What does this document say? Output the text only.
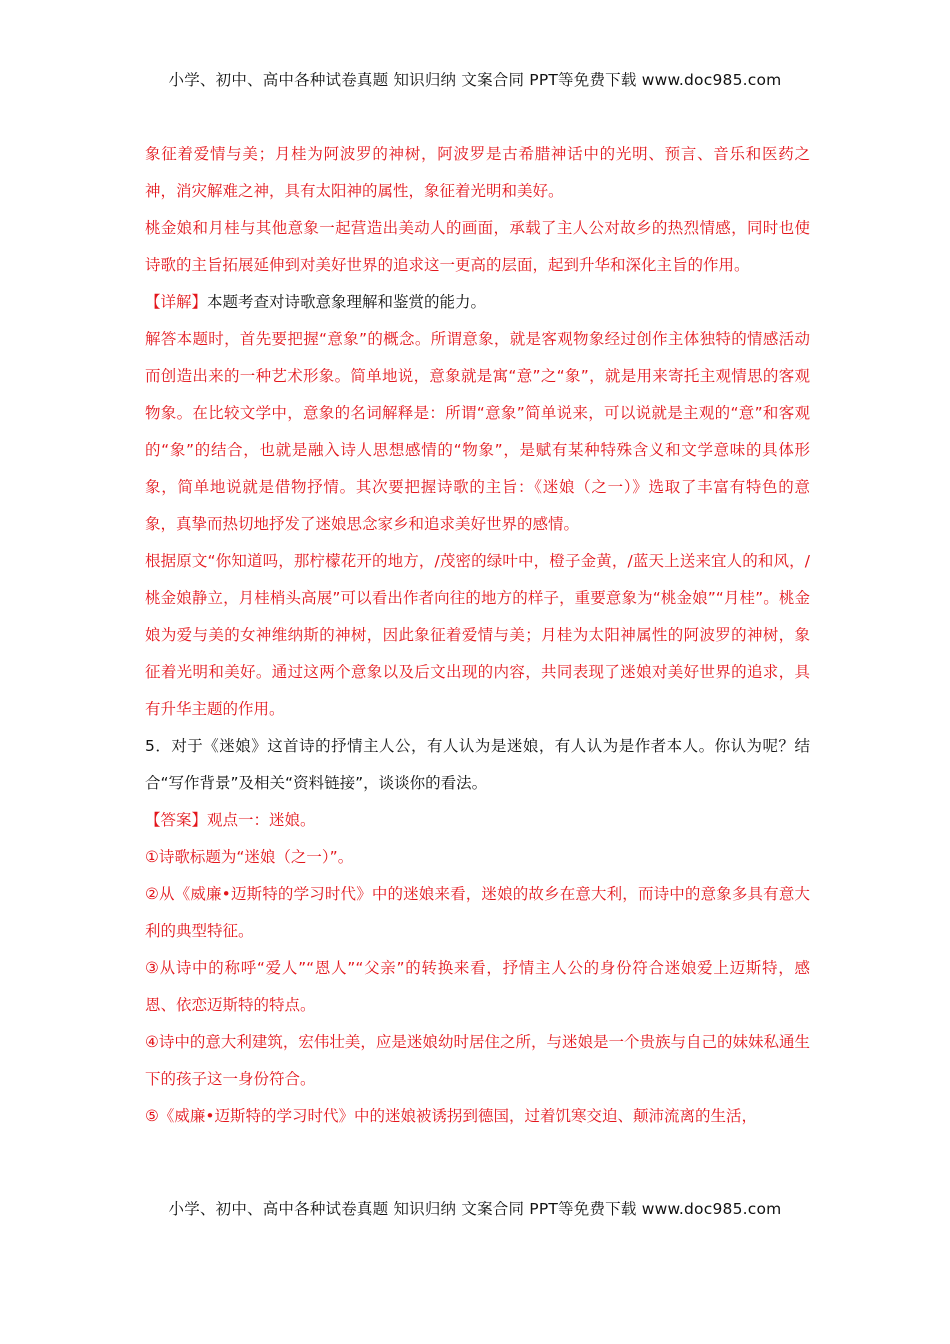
小学、初中、高中各种试卷真题 知识归纳 文案合同 PPT等免费下载 www.doc985.com

象征着爱情与美；月桂为阿波罗的神树，阿波罗是古希腊神话中的光明、预言、音乐和医药之神，消灾解难之神，具有太阳神的属性，象征着光明和美好。

桃金娘和月桂与其他意象一起营造出美动人的画面，承载了主人公对故乡的热烈情感，同时也使诗歌的主旨拓展延伸到对美好世界的追求这一更高的层面，起到升华和深化主旨的作用。

【详解】本题考查对诗歌意象理解和鉴赏的能力。

解答本题时，首先要把握“意象”的概念。所谓意象，就是客观物象经过创作主体独特的情感活动而创造出来的一种艺术形象。简单地说，意象就是寓“意”之“象”，就是用来寄托主观情思的客观物象。在比较文学中，意象的名词解释是：所谓“意象”简单说来，可以说就是主观的“意”和客观的“象”的结合，也就是融入诗人思想感情的“物象”，是赋有某种特殊含义和文学意味的具体形象，简单地说就是借物抒情。其次要把握诗歌的主旨：《迷娘（之一）》选取了丰富有特色的意象，真挚而热切地抒发了迷娘思念家乡和追求美好世界的感情。

根据原文“你知道吗，那柠檬花开的地方，/茂密的绿叶中，橙子金黄，/蓝天上送来宜人的和风，/桃金娘静立，月桂梢头高展”可以看出作者向往的地方的样子，重要意象为“桃金娘”“月桂”。桃金娘为爱与美的女神维纳斯的神树，因此象征着爱情与美；月桂为太阳神属性的阿波罗的神树，象征着光明和美好。通过这两个意象以及后文出现的内容，共同表现了迷娘对美好世界的追求，具有升华主题的作用。

5．对于《迷娘》这首诗的抒情主人公，有人认为是迷娘，有人认为是作者本人。你认为呢？结合“写作背景”及相关“资料链接”，谈谈你的看法。

【答案】观点一：迷娘。

①诗歌标题为“迷娘（之一）”。

②从《威廉•迈斯特的学习时代》中的迷娘来看，迷娘的故乡在意大利，而诗中的意象多具有意大利的典型特征。

③从诗中的称呼“爱人”“恩人”“父亲”的转换来看，抒情主人公的身份符合迷娘爱上迈斯特，感恩、依恋迈斯特的特点。

④诗中的意大利建筑，宏伟壮美，应是迷娘幼时居住之所，与迷娘是一个贵族与自己的妹妹私通生下的孩子这一身份符合。

⑤《威廉•迈斯特的学习时代》中的迷娘被诱拐到德国，过着饥寒交迫、颠沛流离的生活，

小学、初中、高中各种试卷真题 知识归纳 文案合同 PPT等免费下载 www.doc985.com
